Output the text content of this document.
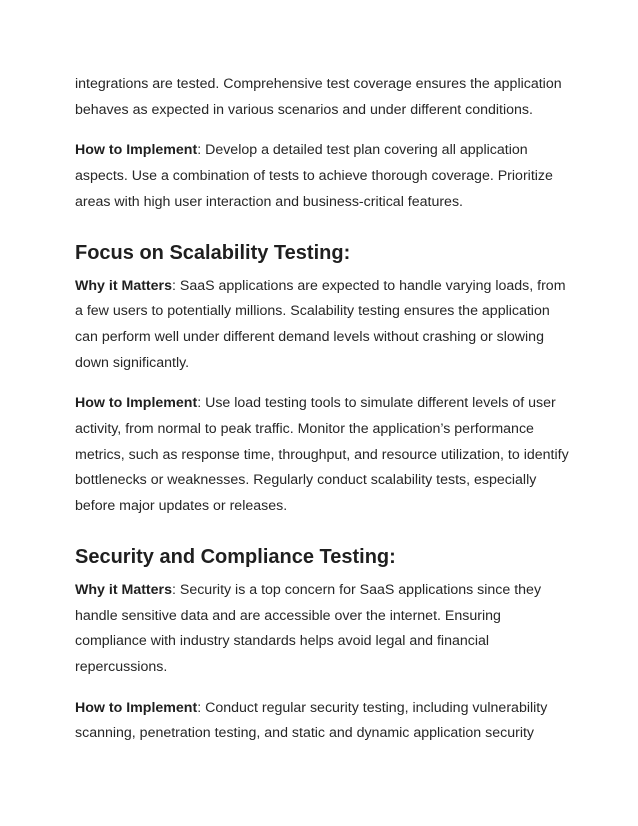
integrations are tested. Comprehensive test coverage ensures the application behaves as expected in various scenarios and under different conditions.

How to Implement: Develop a detailed test plan covering all application aspects. Use a combination of tests to achieve thorough coverage. Prioritize areas with high user interaction and business-critical features.

Focus on Scalability Testing:

Why it Matters: SaaS applications are expected to handle varying loads, from a few users to potentially millions. Scalability testing ensures the application can perform well under different demand levels without crashing or slowing down significantly.

How to Implement: Use load testing tools to simulate different levels of user activity, from normal to peak traffic. Monitor the application’s performance metrics, such as response time, throughput, and resource utilization, to identify bottlenecks or weaknesses. Regularly conduct scalability tests, especially before major updates or releases.

Security and Compliance Testing:

Why it Matters: Security is a top concern for SaaS applications since they handle sensitive data and are accessible over the internet. Ensuring compliance with industry standards helps avoid legal and financial repercussions.

How to Implement: Conduct regular security testing, including vulnerability scanning, penetration testing, and static and dynamic application security
